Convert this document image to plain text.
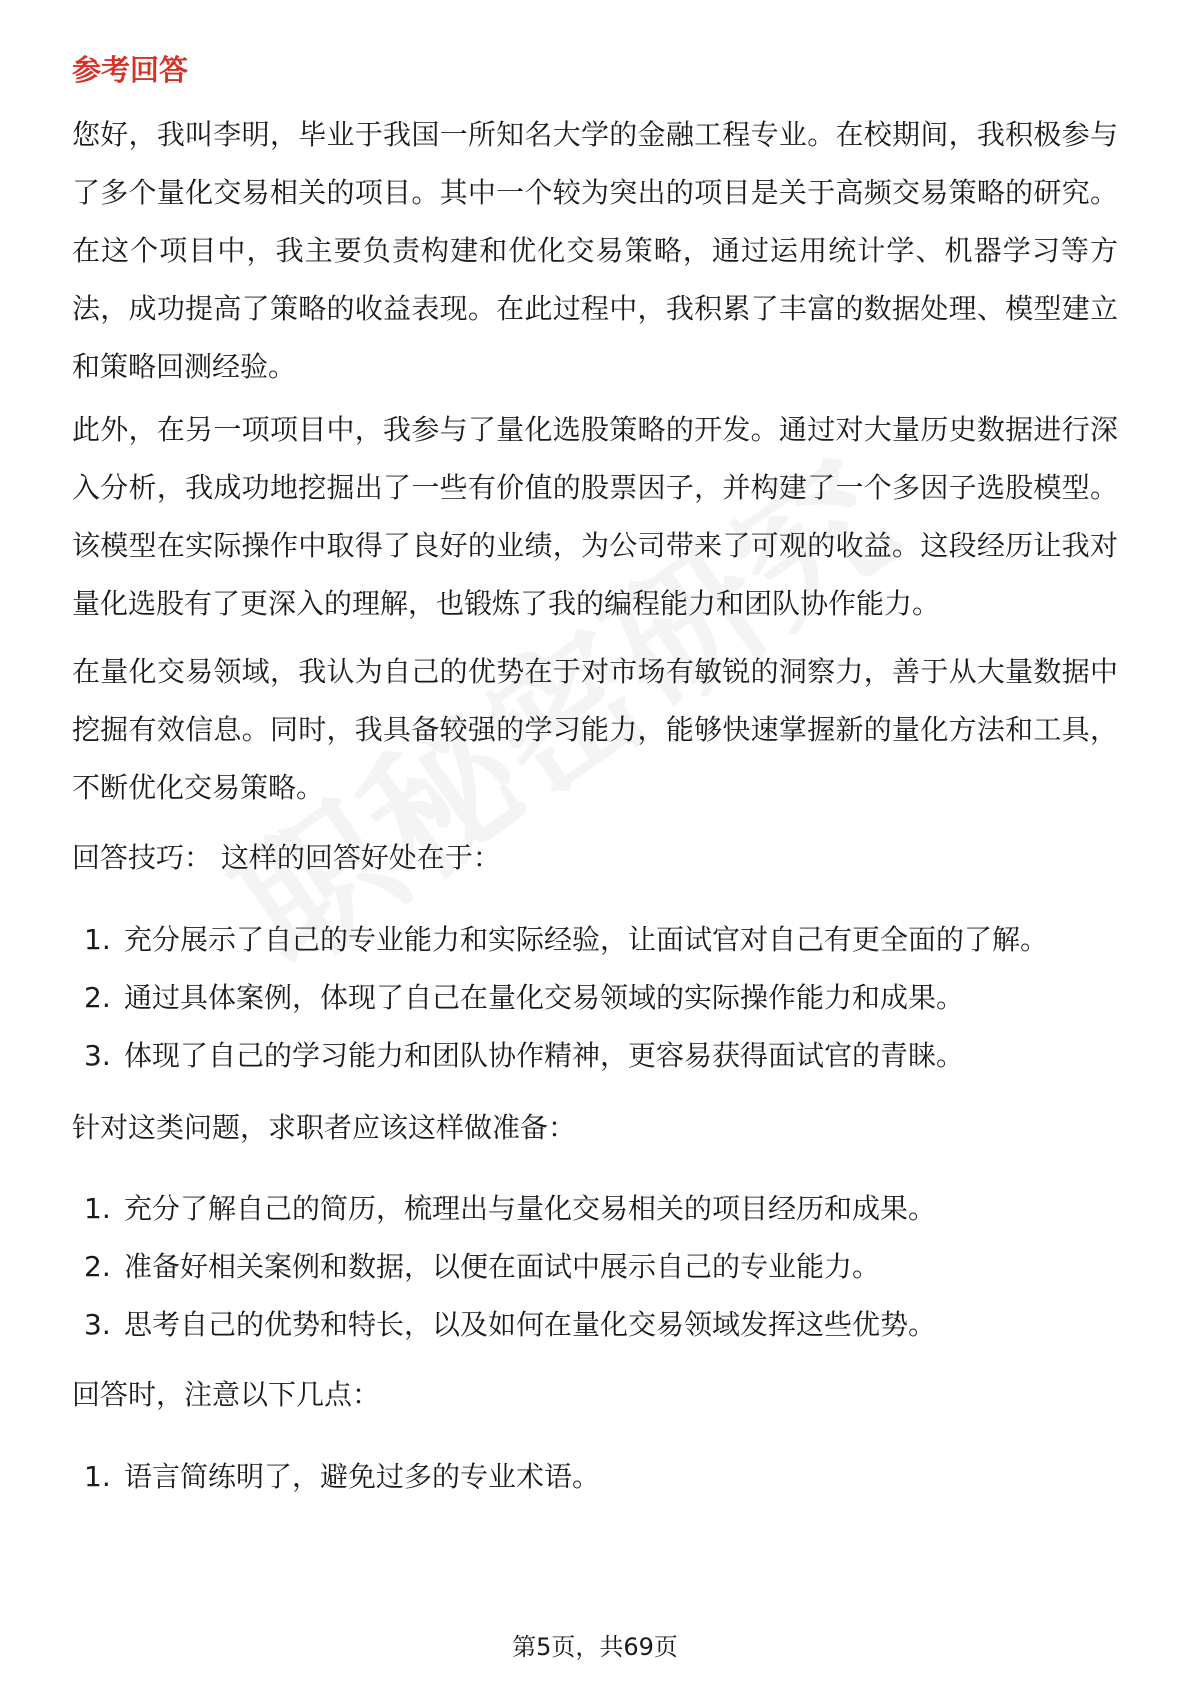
参考回答

您好，我叫李明，毕业于我国一所知名大学的金融工程专业。在校期间，我积极参与了多个量化交易相关的项目。其中一个较为突出的项目是关于高频交易策略的研究。在这个项目中，我主要负责构建和优化交易策略，通过运用统计学、机器学习等方法，成功提高了策略的收益表现。在此过程中，我积累了丰富的数据处理、模型建立和策略回测经验。

此外，在另一项项目中，我参与了量化选股策略的开发。通过对大量历史数据进行深入分析，我成功地挖掘出了一些有价值的股票因子，并构建了一个多因子选股模型。该模型在实际操作中取得了良好的业绩，为公司带来了可观的收益。这段经历让我对量化选股有了更深入的理解，也锻炼了我的编程能力和团队协作能力。

在量化交易领域，我认为自己的优势在于对市场有敏锐的洞察力，善于从大量数据中挖掘有效信息。同时，我具备较强的学习能力，能够快速掌握新的量化方法和工具，不断优化交易策略。

回答技巧： 这样的回答好处在于：

1. 充分展示了自己的专业能力和实际经验，让面试官对自己有更全面的了解。
2. 通过具体案例，体现了自己在量化交易领域的实际操作能力和成果。
3. 体现了自己的学习能力和团队协作精神，更容易获得面试官的青睐。

针对这类问题，求职者应该这样做准备：

1. 充分了解自己的简历，梳理出与量化交易相关的项目经历和成果。
2. 准备好相关案例和数据，以便在面试中展示自己的专业能力。
3. 思考自己的优势和特长，以及如何在量化交易领域发挥这些优势。

回答时，注意以下几点：

1. 语言简练明了，避免过多的专业术语。
第5页，共69页
